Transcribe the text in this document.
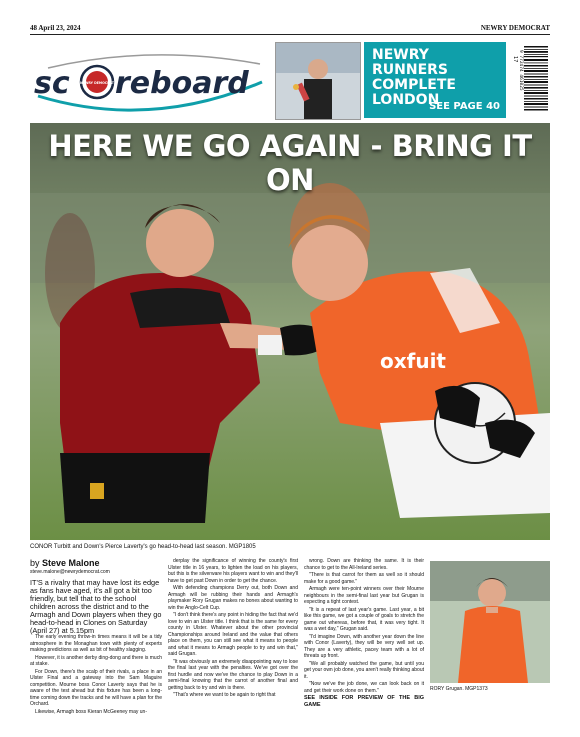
48 April 23, 2024	NEWRY DEMOCRAT
sc	NEWRY DEMOCRAT reboard
NEWRY RUNNERS COMPLETE LONDON
SEE PAGE 40
17 9 772474 461025
oxfuit
HERE WE GO AGAIN - BRING IT ON
CONOR Turbitt and Down's Pierce Laverty's go head-to-head last season. MGP1805
by Steve Malone
steve.malone@newrydemocrat.com
IT'S a rivalry that may have lost its edge as fans have aged, it's all got a bit too friendly, but tell that to the school children across the district and to the Armagh and Down players when they go head-to-head in Clones on Saturday (April 27) at 5.15pm

The early evening throw-in times means it will be a tidy atmosphere in the Monaghan town with plenty of experts making predictions as well as bit of healthy slagging.

However, it is another derby ding-dong and there is much at stake.

For Down, there's the scalp of their rivals, a place in an Ulster Final and a gateway into the Sam Maguire competition. Mourne boss Conor Laverty says that he is aware of the test ahead but this fixture has been a long-time coming down the tracks and he will have a plan for the Orchard.

Likewise, Armagh boss Kieran McGeeney may un-

derplay the significance of winning the county's first Ulster title in 16 years, to lighten the load on his players, but this is the silverware his players want to win and they'll have to get past Down in order to get the chance.

With defending champions Derry out, both Down and Armagh will be rubbing their hands and Armagh's playmaker Rory Grugan makes no bones about wanting to win the Anglo-Celt Cup.

"I don't think there's any point in hiding the fact that we'd love to win an Ulster title. I think that is the same for every county in Ulster. Whatever about the other provincial Championships around Ireland and the value that others place on them, you can still see what it means to people and what it means to Armagh people to try and win that," said Grugan.

"It was obviously an extremely disappointing way to lose the final last year with the penalties. We've got over the first hurdle and now we've the chance to play Down in a semi-final knowing that the carrot of another final and getting back to try and win is there.

"That's where we want to be again to right that

wrong. Down are thinking the same. It is their chance to get to the All-Ireland series.

"There is that carrot for them as well so it should make for a good game."

Armagh were ten-point winners over their Mourne neighbours in the semi-final last year but Grugan is expecting a tight contest.

"It is a repeat of last year's game. Last year, a bit like this game, we got a couple of goals to stretch the game out whereas, before that, it was very tight. It was a wet day," Grugan said.

"I'd imagine Down, with another year down the line with Conor (Laverty), they will be very well set up. They are a very athletic, pacey team with a lot of threats up front.

"We all probably watched the game, but until you get your own job done, you aren't really thinking about it.

"Now we've the job done, we can look back on it and get their work done on them."

SEE INSIDE FOR PREVIEW OF THE BIG GAME

RORY Grugan. MGP1373
